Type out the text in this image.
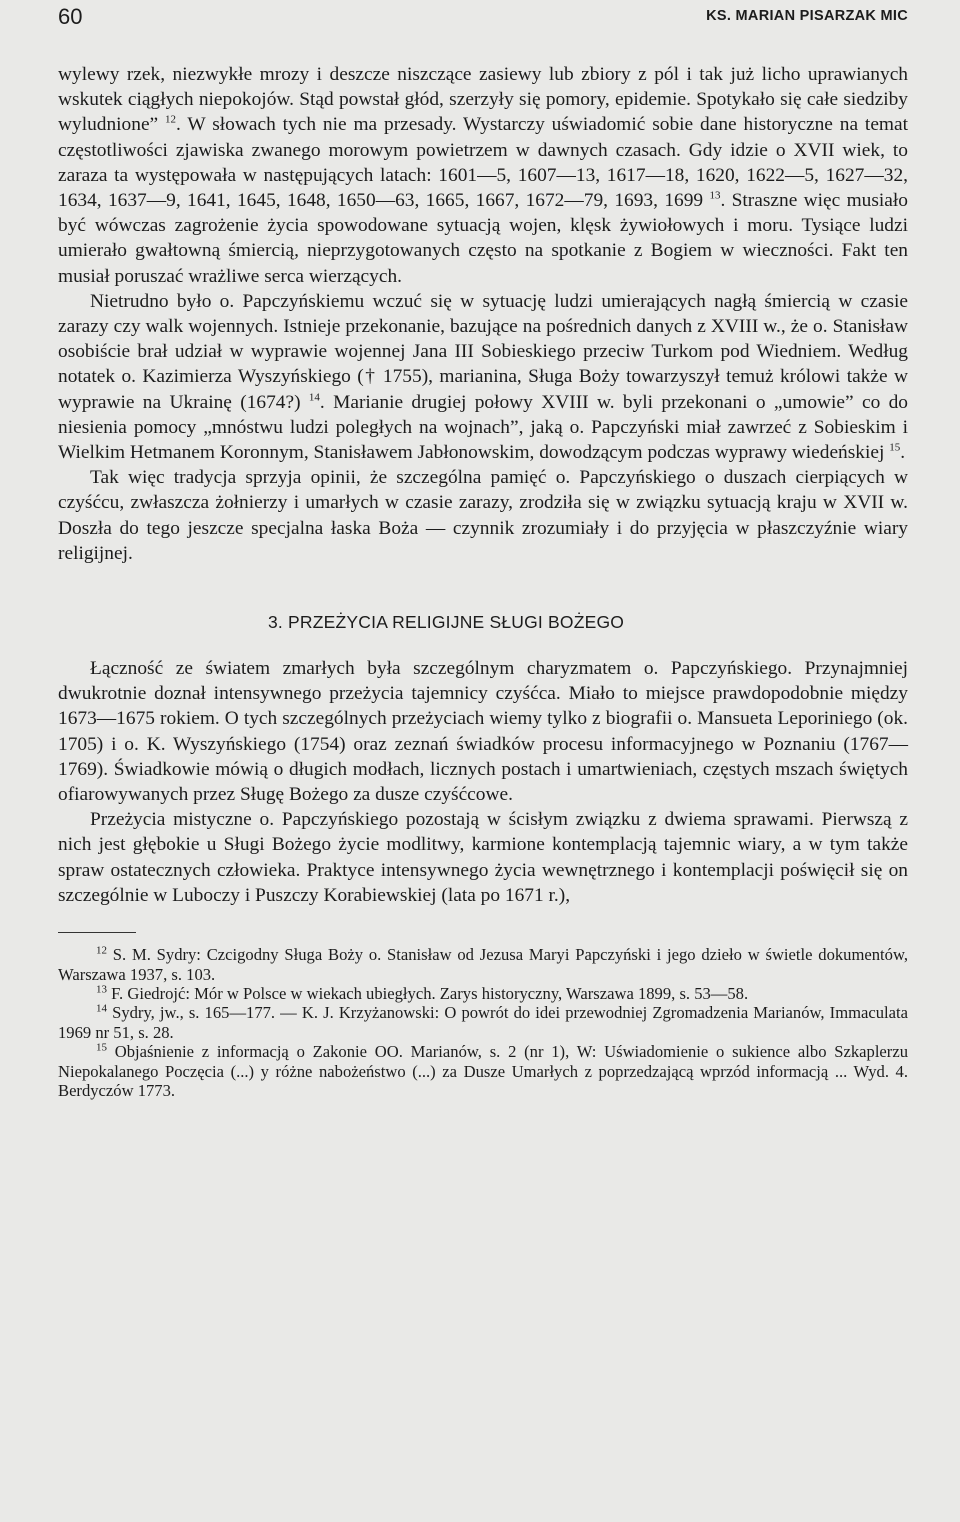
60	KS. MARIAN PISARZAK MIC

wylewy rzek, niezwykłe mrozy i deszcze niszczące zasiewy lub zbiory z pól i tak już licho uprawianych wskutek ciągłych niepokojów. Stąd powstał głód, szerzyły się pomory, epidemie. Spotykało się całe siedziby wyludnione” $^{12}$. W słowach tych nie ma przesady. Wystarczy uświadomić sobie dane historyczne na temat częstotliwości zjawiska zwanego morowym powietrzem w dawnych czasach. Gdy idzie o XVII wiek, to zaraza ta występowała w następujących latach: 1601—5, 1607—13, 1617—18, 1620, 1622—5, 1627—32, 1634, 1637—9, 1641, 1645, 1648, 1650—63, 1665, 1667, 1672—79, 1693, 1699 $^{13}$. Straszne więc musiało być wówczas zagrożenie życia spowodowane sytuacją wojen, klęsk żywiołowych i moru. Tysiące ludzi umierało gwałtowną śmiercią, nieprzygotowanych często na spotkanie z Bogiem w wieczności. Fakt ten musiał poruszać wrażliwe serca wierzących.

Nietrudno było o. Papczyńskiemu wczuć się w sytuację ludzi umierających nagłą śmiercią w czasie zarazy czy walk wojennych. Istnieje przekonanie, bazujące na pośrednich danych z XVIII w., że o. Stanisław osobiście brał udział w wyprawie wojennej Jana III Sobieskiego przeciw Turkom pod Wiedniem. Według notatek o. Kazimierza Wyszyńskiego († 1755), marianina, Sługa Boży towarzyszył temuż królowi także w wyprawie na Ukrainę (1674?) $^{14}$. Marianie drugiej połowy XVIII w. byli przekonani o „umowie” co do niesienia pomocy „mnóstwu ludzi poległych na wojnach”, jaką o. Papczyński miał zawrzeć z Sobieskim i Wielkim Hetmanem Koronnym, Stanisławem Jabłonowskim, dowodzącym podczas wyprawy wiedeńskiej $^{15}$.

Tak więc tradycja sprzyja opinii, że szczególna pamięć o. Papczyńskiego o duszach cierpiących w czyśćcu, zwłaszcza żołnierzy i umarłych w czasie zarazy, zrodziła się w związku sytuacją kraju w XVII w. Doszła do tego jeszcze specjalna łaska Boża — czynnik zrozumiały i do przyjęcia w płaszczyźnie wiary religijnej.

3. PRZEŻYCIA RELIGIJNE SŁUGI BOŻEGO

Łączność ze światem zmarłych była szczególnym charyzmatem o. Papczyńskiego. Przynajmniej dwukrotnie doznał intensywnego przeżycia tajemnicy czyśćca. Miało to miejsce prawdopodobnie między 1673—1675 rokiem. O tych szczególnych przeżyciach wiemy tylko z biografii o. Mansueta Leporiniego (ok. 1705) i o. K. Wyszyńskiego (1754) oraz zeznań świadków procesu informacyjnego w Poznaniu (1767—1769). Świadkowie mówią o długich modłach, licznych postach i umartwieniach, częstych mszach świętych ofiarowywanych przez Sługę Bożego za dusze czyśćcowe.

Przeżycia mistyczne o. Papczyńskiego pozostają w ścisłym związku z dwiema sprawami. Pierwszą z nich jest głębokie u Sługi Bożego życie modlitwy, karmione kontemplacją tajemnic wiary, a w tym także spraw ostatecznych człowieka. Praktyce intensywnego życia wewnętrznego i kontemplacji poświęcił się on szczególnie w Luboczy i Puszczy Korabiewskiej (lata po 1671 r.),

$^{12}$ S. M. Sydry: Czcigodny Sługa Boży o. Stanisław od Jezusa Maryi Papczyński i jego dzieło w świetle dokumentów, Warszawa 1937, s. 103.

$^{13}$ F. Giedrojć: Mór w Polsce w wiekach ubiegłych. Zarys historyczny, Warszawa 1899, s. 53—58.

$^{14}$ Sydry, jw., s. 165—177. — K. J. Krzyżanowski: O powrót do idei przewodniej Zgromadzenia Marianów, Immaculata 1969 nr 51, s. 28.

$^{15}$ Objaśnienie z informacją o Zakonie OO. Marianów, s. 2 (nr 1), W: Uświadomienie o sukience albo Szkaplerzu Niepokalanego Poczęcia (...) y różne nabożeństwo (...) za Dusze Umarłych z poprzedzającą wprzód informacją ... Wyd. 4. Berdyczów 1773.
